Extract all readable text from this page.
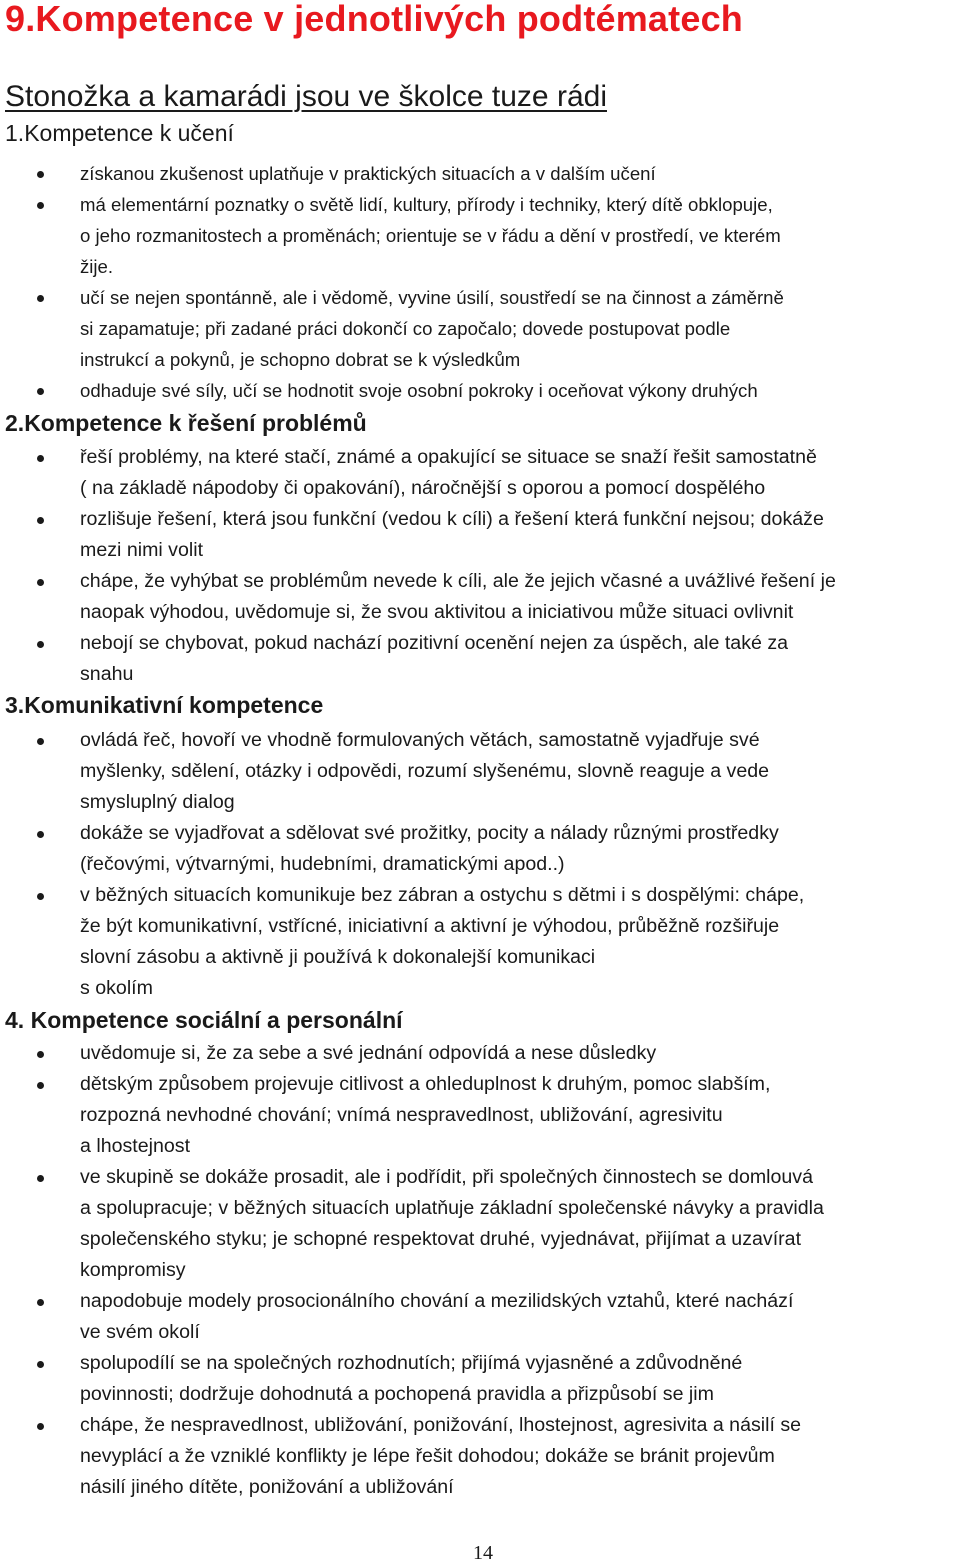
9.Kompetence v jednotlivých podtématech
Stonožka a kamarádi jsou ve školce tuze rádi
1.Kompetence k učení
získanou zkušenost uplatňuje v praktických situacích a v dalším učení
má elementární poznatky o světě lidí, kultury, přírody i techniky, který dítě obklopuje,
o jeho rozmanitostech a proměnách; orientuje se v řádu a dění v prostředí, ve kterém
žije.
učí se nejen spontánně, ale i vědomě, vyvine úsilí, soustředí se na činnost a záměrně
si zapamatuje; při zadané práci dokončí co započalo; dovede postupovat podle
instrukcí a pokynů, je schopno dobrat se k výsledkům
odhaduje své síly, učí se hodnotit svoje osobní pokroky i oceňovat výkony druhých
2.Kompetence k řešení problémů
řeší problémy, na které stačí, známé a opakující se situace se snaží řešit samostatně
( na základě nápodoby či opakování), náročnější s oporou a pomocí dospělého
rozlišuje řešení, která jsou funkční (vedou k cíli) a řešení která funkční nejsou; dokáže
mezi nimi volit
chápe, že vyhýbat se problémům nevede k cíli, ale že jejich včasné a uvážlivé řešení je
naopak výhodou, uvědomuje si, že svou aktivitou a iniciativou může situaci ovlivnit
nebojí se chybovat, pokud nachází pozitivní ocenění nejen za úspěch, ale také za
snahu
3.Komunikativní kompetence
ovládá řeč, hovoří ve vhodně formulovaných větách, samostatně vyjadřuje své
myšlenky, sdělení, otázky i odpovědi, rozumí slyšenému, slovně reaguje a vede
smysluplný dialog
dokáže se vyjadřovat a sdělovat své prožitky, pocity a nálady různými prostředky
(řečovými, výtvarnými, hudebními, dramatickými apod..)
v běžných situacích komunikuje bez zábran a ostychu s dětmi i s dospělými: chápe,
že být komunikativní, vstřícné, iniciativní a aktivní je výhodou, průběžně rozšiřuje
slovní zásobu a aktivně ji používá k dokonalejší komunikaci
s okolím
4. Kompetence sociální a personální
uvědomuje si, že za sebe a své jednání odpovídá a nese důsledky
dětským způsobem projevuje citlivost a ohleduplnost k druhým, pomoc slabším,
rozpozná nevhodné chování; vnímá nespravedlnost, ubližování, agresivitu
a lhostejnost
ve skupině se dokáže prosadit, ale i podřídit, při společných činnostech se domlouvá
a spolupracuje; v běžných situacích uplatňuje základní společenské návyky a pravidla
společenského styku; je schopné respektovat druhé, vyjednávat, přijímat a uzavírat
kompromisy
napodobuje modely prosocionálního chování a mezilidských vztahů, které nachází
ve svém okolí
spolupodílí se na společných rozhodnutích; přijímá vyjasněné a zdůvodněné
povinnosti; dodržuje dohodnutá a pochopená pravidla a přizpůsobí se jim
chápe, že nespravedlnost, ubližování, ponižování, lhostejnost, agresivita a násilí se
nevyplácí a že vzniklé konflikty je lépe řešit dohodou; dokáže se bránit projevům
násilí jiného dítěte, ponižování a ubližování
14
